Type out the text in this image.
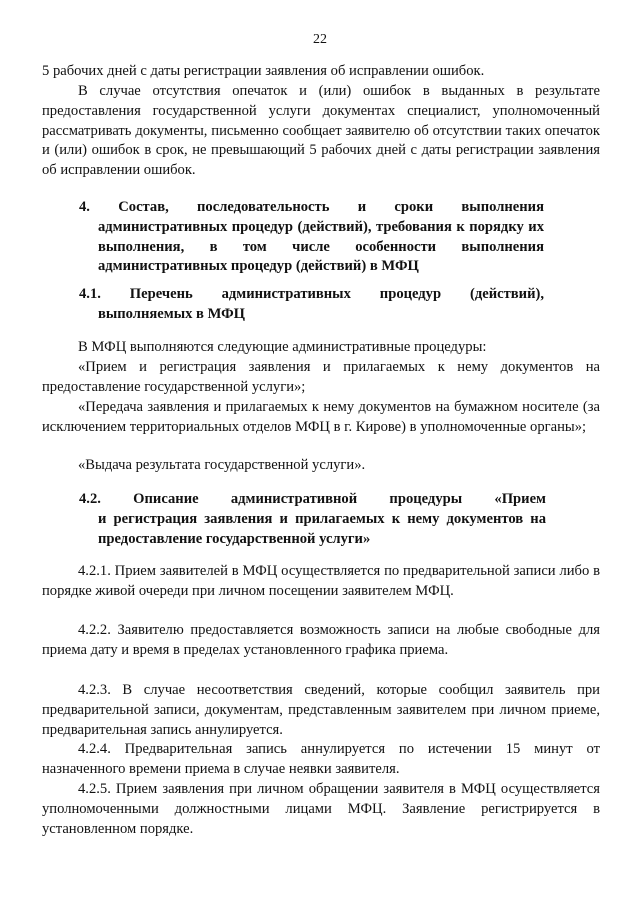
22

5 рабочих дней с даты регистрации заявления об исправлении ошибок.

В случае отсутствия опечаток и (или) ошибок в выданных в результате предоставления государственной услуги документах специалист, уполномоченный рассматривать документы, письменно сообщает заявителю об отсутствии таких опечаток и (или) ошибок в срок, не превышающий 5 рабочих дней с даты регистрации заявления об исправлении ошибок.

4. Состав, последовательность и сроки выполнения
административных процедур (действий), требования к порядку их выполнения, в том числе особенности выполнения административных процедур (действий) в МФЦ
4.1. Перечень административных процедур (действий),
выполняемых в МФЦ

В МФЦ выполняются следующие административные процедуры:

«Прием и регистрация заявления и прилагаемых к нему документов на предоставление государственной услуги»;

«Передача заявления и прилагаемых к нему документов на бумажном носителе (за исключением территориальных отделов МФЦ в г. Кирове) в уполномоченные органы»;

«Выдача результата государственной услуги».

4.2. Описание административной процедуры «Прием
и регистрация заявления и прилагаемых к нему документов на предоставление государственной услуги»

4.2.1. Прием заявителей в МФЦ осуществляется по предварительной записи либо в порядке живой очереди при личном посещении заявителем МФЦ.

4.2.2. Заявителю предоставляется возможность записи на любые свободные для приема дату и время в пределах установленного графика приема.

4.2.3. В случае несоответствия сведений, которые сообщил заявитель при предварительной записи, документам, представленным заявителем при личном приеме, предварительная запись аннулируется.

4.2.4. Предварительная запись аннулируется по истечении 15 минут от назначенного времени приема в случае неявки заявителя.

4.2.5. Прием заявления при личном обращении заявителя в МФЦ осуществляется уполномоченными должностными лицами МФЦ. Заявление регистрируется в установленном порядке.
